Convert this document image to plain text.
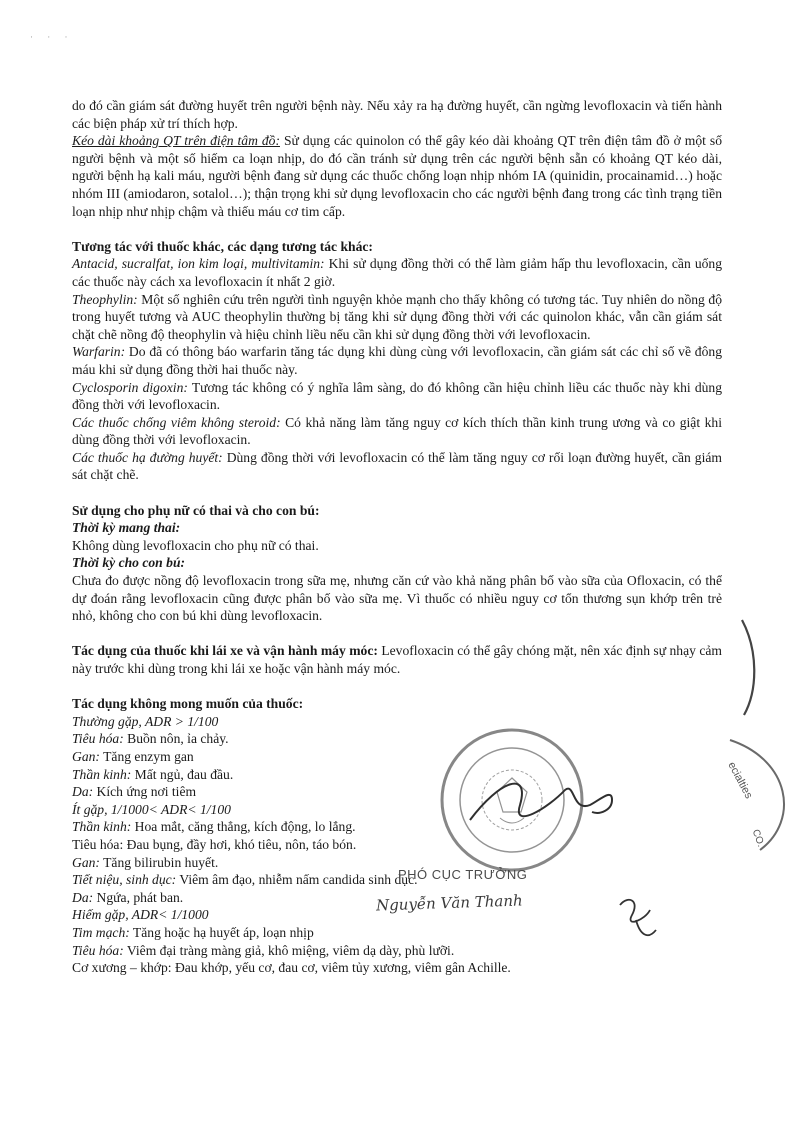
· · ·

do đó cần giám sát đường huyết trên người bệnh này. Nếu xảy ra hạ đường huyết, cần ngừng levofloxacin và tiến hành các biện pháp xử trí thích hợp.

Kéo dài khoảng QT trên điện tâm đồ: Sử dụng các quinolon có thể gây kéo dài khoảng QT trên điện tâm đồ ở một số người bệnh và một số hiếm ca loạn nhịp, do đó cần tránh sử dụng trên các người bệnh sẵn có khoảng QT kéo dài, người bệnh hạ kali máu, người bệnh đang sử dụng các thuốc chống loạn nhịp nhóm IA (quinidin, procainamid…) hoặc nhóm III (amiodaron, sotalol…); thận trọng khi sử dụng levofloxacin cho các người bệnh đang trong các tình trạng tiền loạn nhịp như nhịp chậm và thiếu máu cơ tim cấp.

Tương tác với thuốc khác, các dạng tương tác khác:

Antacid, sucralfat, ion kim loại, multivitamin: Khi sử dụng đồng thời có thể làm giảm hấp thu levofloxacin, cần uống các thuốc này cách xa levofloxacin ít nhất 2 giờ.

Theophylin: Một số nghiên cứu trên người tình nguyện khỏe mạnh cho thấy không có tương tác. Tuy nhiên do nồng độ trong huyết tương và AUC theophylin thường bị tăng khi sử dụng đồng thời với các quinolon khác, vẫn cần giám sát chặt chẽ nồng độ theophylin và hiệu chỉnh liều nếu cần khi sử dụng đồng thời với levofloxacin.

Warfarin: Do đã có thông báo warfarin tăng tác dụng khi dùng cùng với levofloxacin, cần giám sát các chỉ số về đông máu khi sử dụng đồng thời hai thuốc này.

Cyclosporin digoxin: Tương tác không có ý nghĩa lâm sàng, do đó không cần hiệu chỉnh liều các thuốc này khi dùng đồng thời với levofloxacin.

Các thuốc chống viêm không steroid: Có khả năng làm tăng nguy cơ kích thích thần kinh trung ương và co giật khi dùng đồng thời với levofloxacin.

Các thuốc hạ đường huyết: Dùng đồng thời với levofloxacin có thể làm tăng nguy cơ rối loạn đường huyết, cần giám sát chặt chẽ.

Sử dụng cho phụ nữ có thai và cho con bú:

Thời kỳ mang thai:

Không dùng levofloxacin cho phụ nữ có thai.

Thời kỳ cho con bú:

Chưa đo được nồng độ levofloxacin trong sữa mẹ, nhưng căn cứ vào khả năng phân bố vào sữa của Ofloxacin, có thể dự đoán rằng levofloxacin cũng được phân bố vào sữa mẹ. Vì thuốc có nhiều nguy cơ tổn thương sụn khớp trên trẻ nhỏ, không cho con bú khi dùng levofloxacin.

Tác dụng của thuốc khi lái xe và vận hành máy móc: Levofloxacin có thể gây chóng mặt, nên xác định sự nhạy cảm này trước khi dùng trong khi lái xe hoặc vận hành máy móc.

Tác dụng không mong muốn của thuốc:

Thường gặp, ADR > 1/100

Tiêu hóa: Buồn nôn, ỉa chảy.

Gan: Tăng enzym gan

Thần kinh: Mất ngủ, đau đầu.

Da: Kích ứng nơi tiêm

Ít gặp, 1/1000< ADR< 1/100

Thần kinh: Hoa mắt, căng thẳng, kích động, lo lắng.

Tiêu hóa: Đau bụng, đầy hơi, khó tiêu, nôn, táo bón.

Gan: Tăng bilirubin huyết.

Tiết niệu, sinh dục: Viêm âm đạo, nhiễm nấm candida sinh dục.

Da: Ngứa, phát ban.

Hiếm gặp, ADR< 1/1000

Tim mạch: Tăng hoặc hạ huyết áp, loạn nhịp

Tiêu hóa: Viêm đại tràng màng giả, khô miệng, viêm dạ dày, phù lưỡi.

Cơ xương – khớp: Đau khớp, yếu cơ, đau cơ, viêm tủy xương, viêm gân Achille.

ecialties
CO.
PHÓ CỤC TRƯỞNG
Nguyễn Văn Thanh
